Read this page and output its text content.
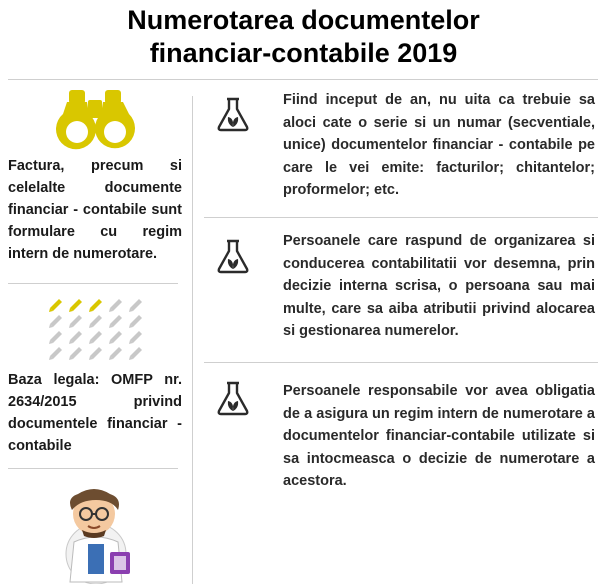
Numerotarea documentelor
financiar-contabile 2019
Factura, precum si celelalte documente financiar - contabile sunt formulare cu regim intern de numerotare.
Baza legala: OMFP nr. 2634/2015 privind documentele financiar - contabile
Fiind inceput de an, nu uita ca trebuie sa aloci cate o serie si un numar (secventiale, unice) documentelor financiar - contabile pe care le vei emite: facturilor; chitantelor; proformelor; etc.
Persoanele care raspund de organizarea si conducerea contabilitatii vor desemna, prin decizie interna scrisa, o persoana sau mai multe, care sa aiba atributii privind alocarea si gestionarea numerelor.
Persoanele responsabile vor avea obligatia de a asigura un regim intern de numerotare a documentelor financiar-contabile utilizate si sa intocmeasca o decizie de numerotare a acestora.
